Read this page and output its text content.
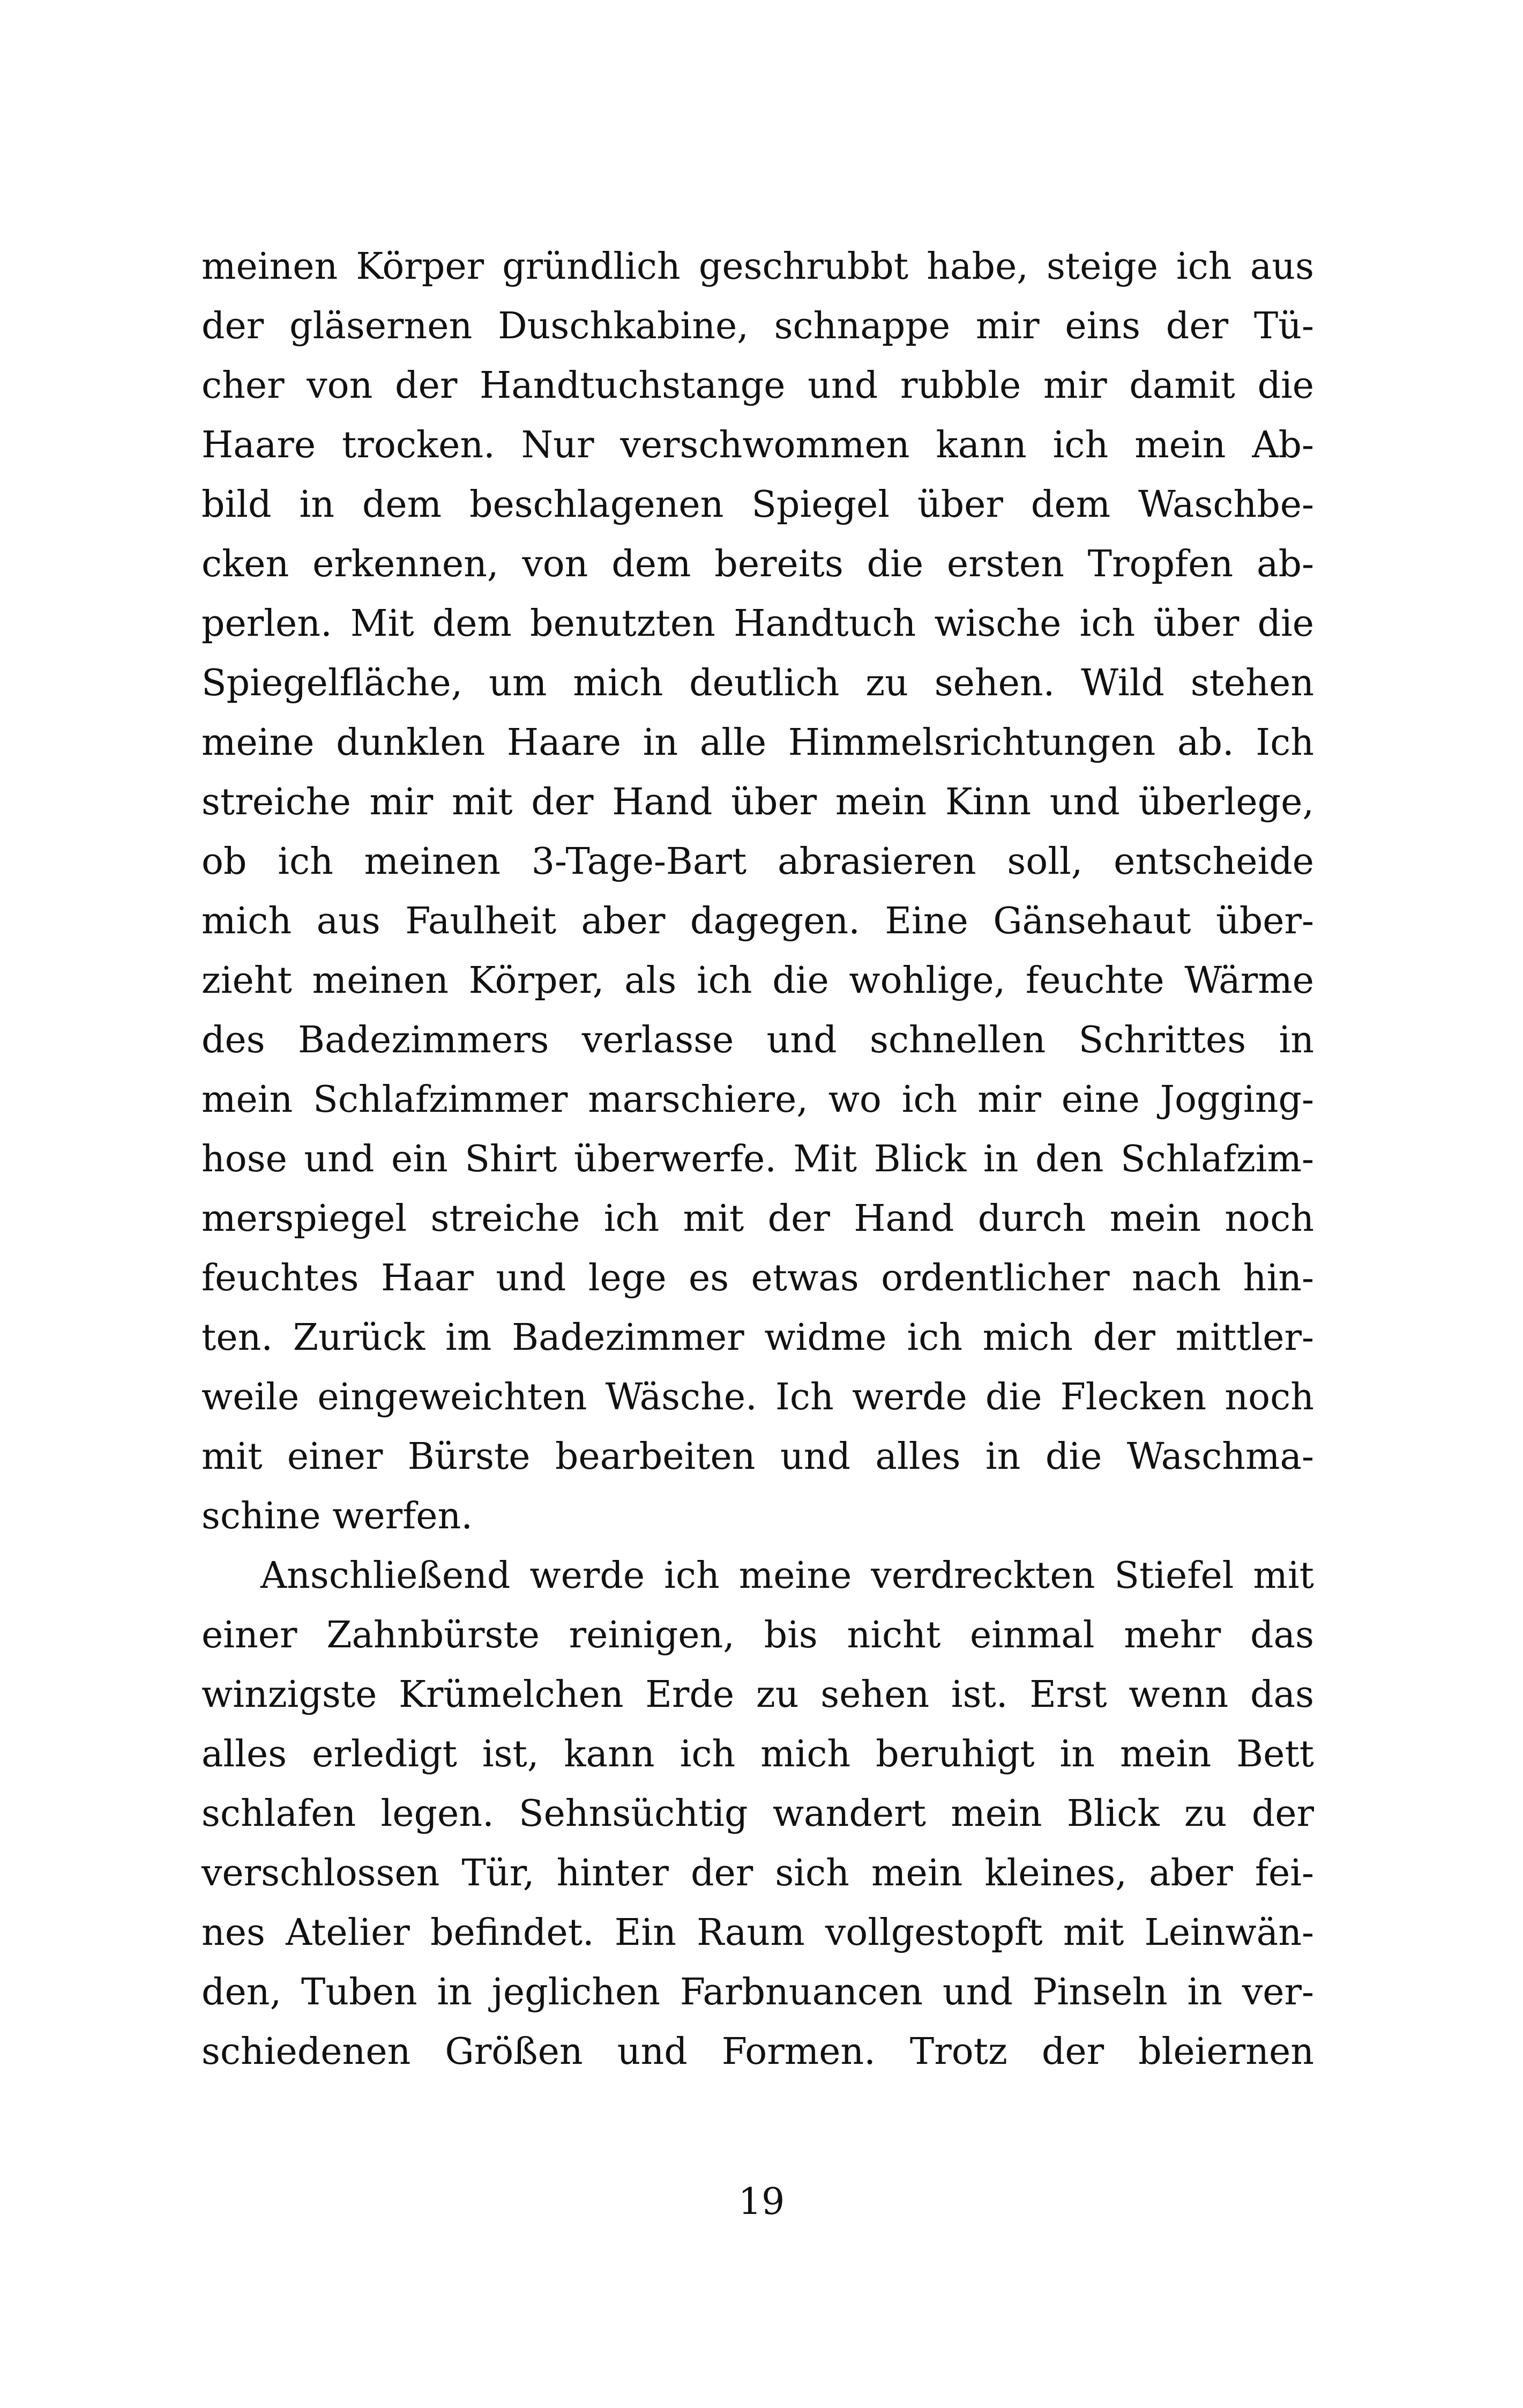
meinen Körper gründlich geschrubbt habe, steige ich aus
der gläsernen Duschkabine, schnappe mir eins der Tü-
cher von der Handtuchstange und rubble mir damit die
Haare trocken. Nur verschwommen kann ich mein Ab-
bild in dem beschlagenen Spiegel über dem Waschbe-
cken erkennen, von dem bereits die ersten Tropfen ab-
perlen. Mit dem benutzten Handtuch wische ich über die
Spiegelfläche, um mich deutlich zu sehen. Wild stehen
meine dunklen Haare in alle Himmelsrichtungen ab. Ich
streiche mir mit der Hand über mein Kinn und überlege,
ob ich meinen 3-Tage-Bart abrasieren soll, entscheide
mich aus Faulheit aber dagegen. Eine Gänsehaut über-
zieht meinen Körper, als ich die wohlige, feuchte Wärme
des Badezimmers verlasse und schnellen Schrittes in
mein Schlafzimmer marschiere, wo ich mir eine Jogging-
hose und ein Shirt überwerfe. Mit Blick in den Schlafzim-
merspiegel streiche ich mit der Hand durch mein noch
feuchtes Haar und lege es etwas ordentlicher nach hin-
ten. Zurück im Badezimmer widme ich mich der mittler-
weile eingeweichten Wäsche. Ich werde die Flecken noch
mit einer Bürste bearbeiten und alles in die Waschma-
schine werfen.
Anschließend werde ich meine verdreckten Stiefel mit
einer Zahnbürste reinigen, bis nicht einmal mehr das
winzigste Krümelchen Erde zu sehen ist. Erst wenn das
alles erledigt ist, kann ich mich beruhigt in mein Bett
schlafen legen. Sehnsüchtig wandert mein Blick zu der
verschlossen Tür, hinter der sich mein kleines, aber fei-
nes Atelier befindet. Ein Raum vollgestopft mit Leinwän-
den, Tuben in jeglichen Farbnuancen und Pinseln in ver-
schiedenen Größen und Formen. Trotz der bleiernen
19
